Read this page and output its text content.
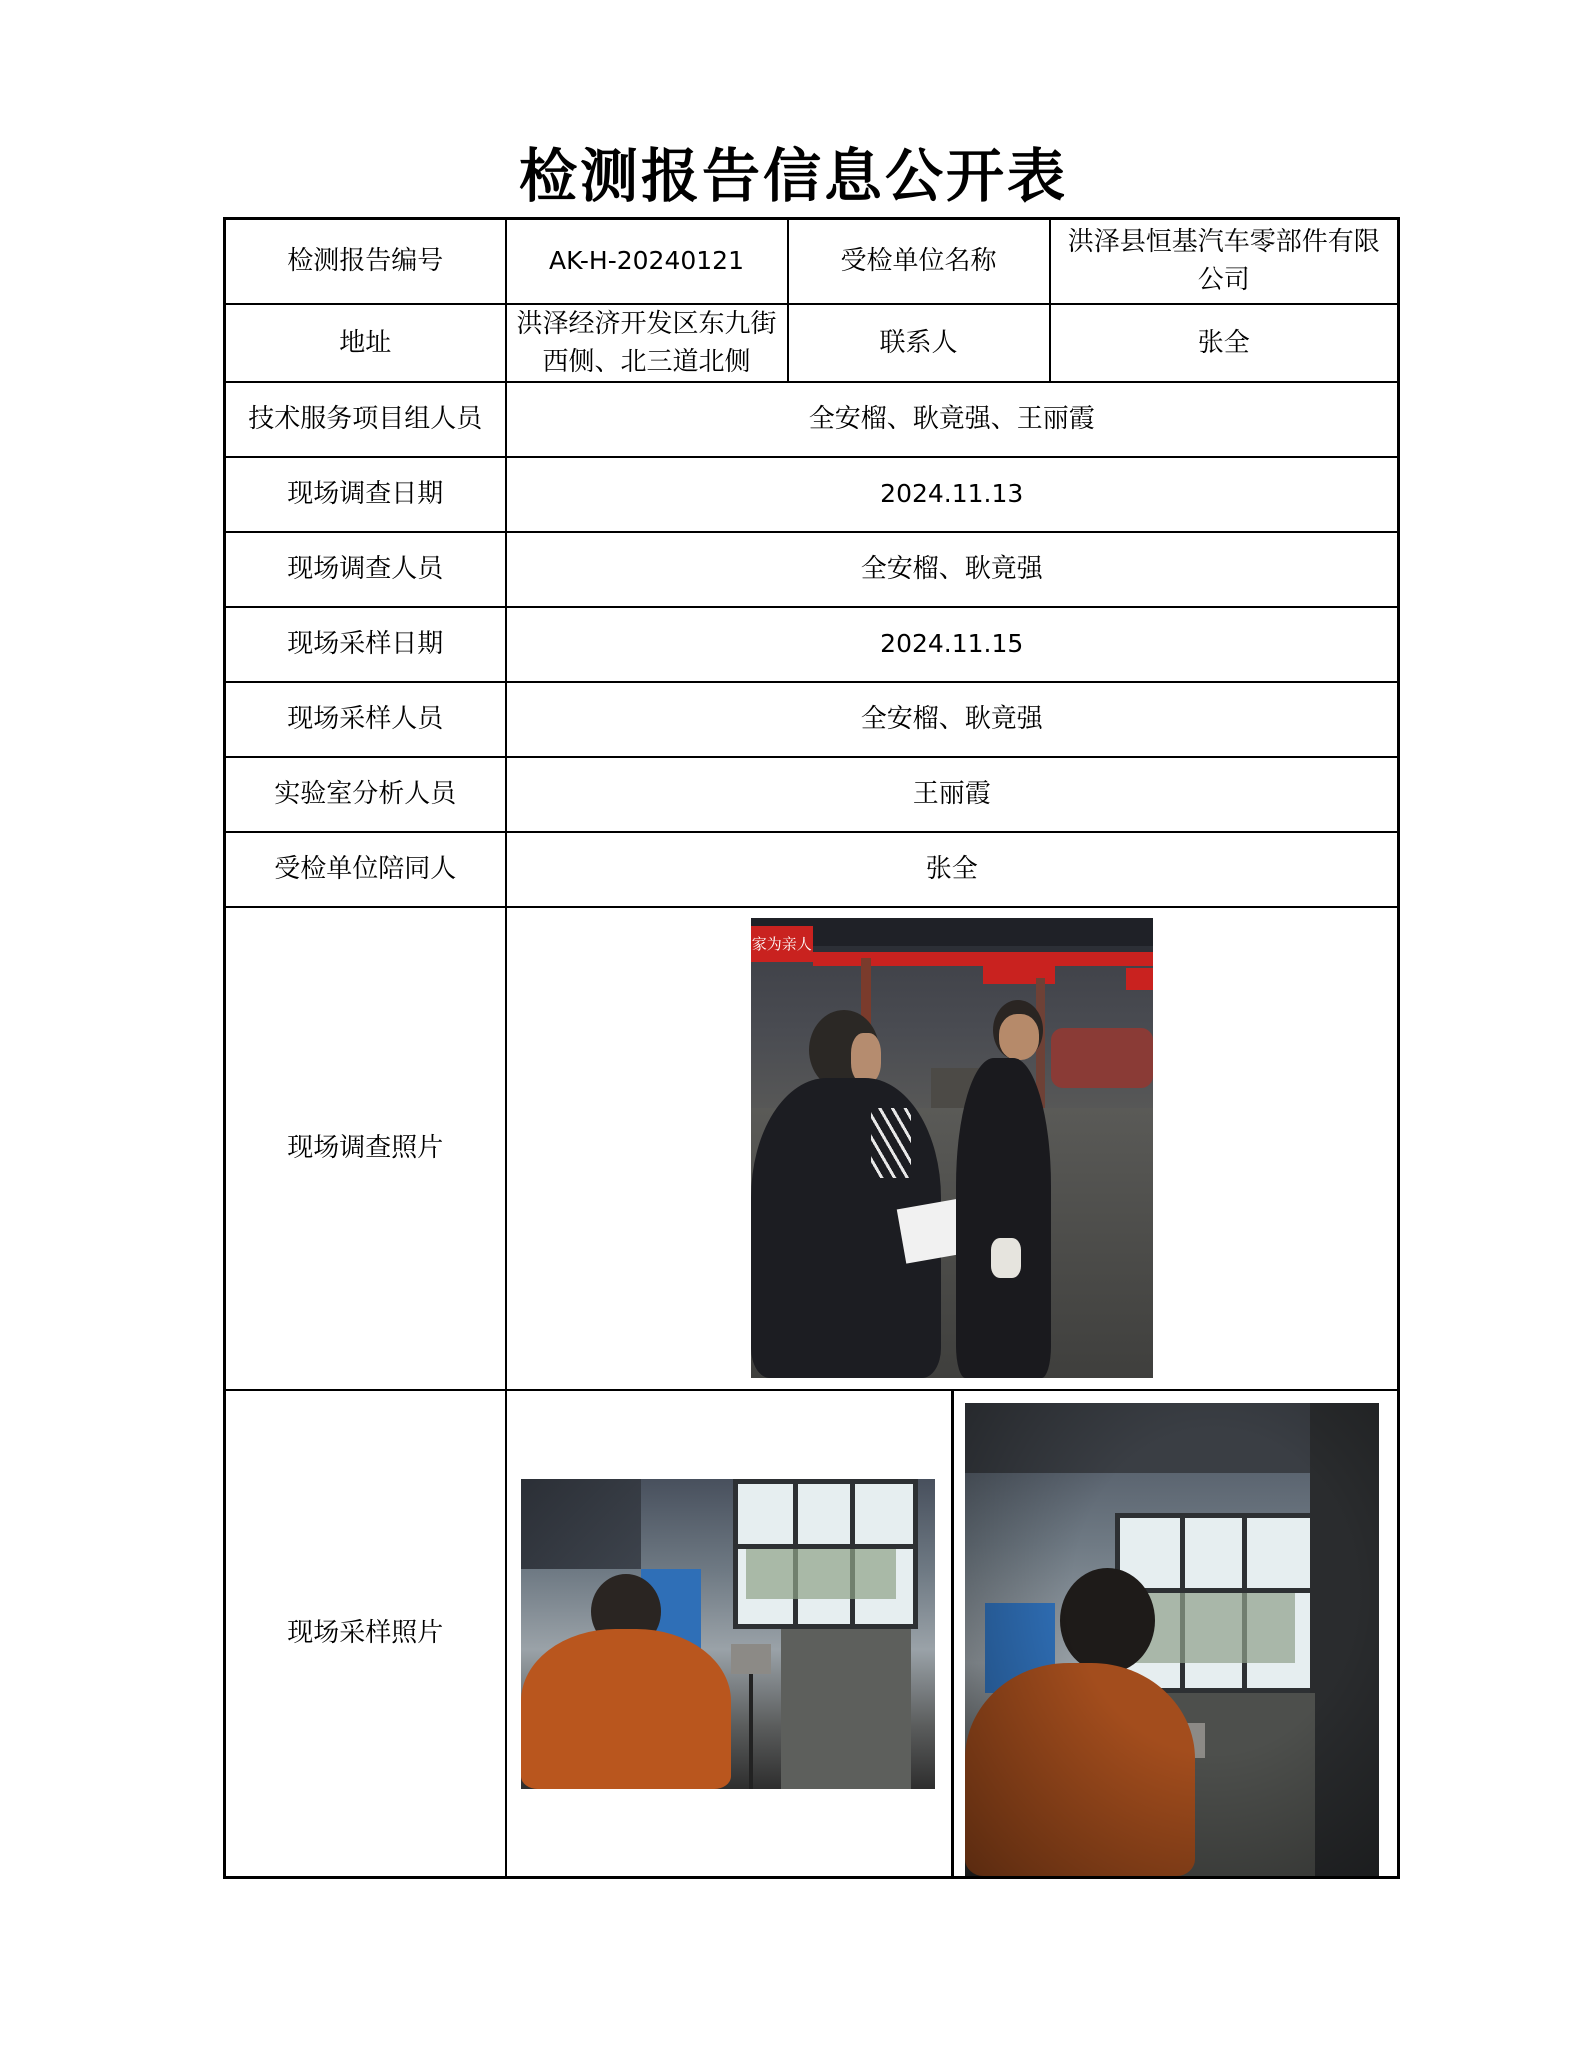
检测报告信息公开表
检测报告编号	AK-H-20240121	受检单位名称	洪泽县恒基汽车零部件有限公司
地址	洪泽经济开发区东九街西侧、北三道北侧	联系人	张全
技术服务项目组人员	全安榴、耿竟强、王丽霞		
现场调查日期	2024.11.13		
现场调查人员	全安榴、耿竟强		
现场采样日期	2024.11.15		
现场采样人员	全安榴、耿竟强		
实验室分析人员	王丽霞		
受检单位陪同人	张全		
现场调查照片	家为亲人		

现场采样照片			
